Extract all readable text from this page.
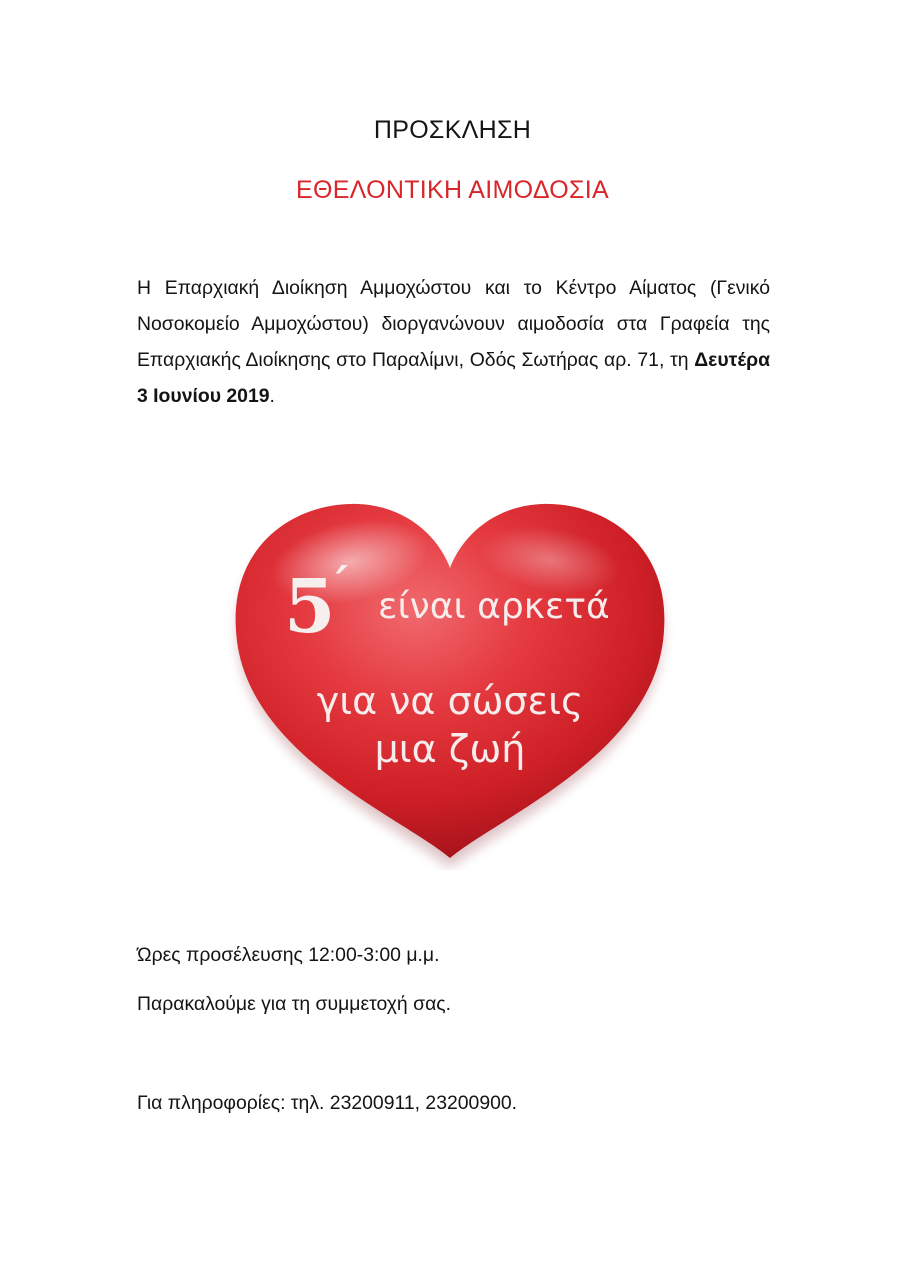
ΠΡΟΣΚΛΗΣΗ
ΕΘΕΛΟΝΤΙΚΗ ΑΙΜΟΔΟΣΙΑ
Η Επαρχιακή Διοίκηση Αμμοχώστου και το Κέντρο Αίματος (Γενικό Νοσοκομείο Αμμοχώστου) διοργανώνουν αιμοδοσία στα Γραφεία της Επαρχιακής Διοίκησης στο Παραλίμνι, Οδός Σωτήρας αρ. 71, τη Δευτέρα 3 Ιουνίου 2019.
5
΄ είναι αρκετά
για να σώσεις
μια ζωή
Ώρες προσέλευσης 12:00-3:00 μ.μ.
Παρακαλούμε για τη συμμετοχή σας.
Για πληροφορίες: τηλ. 23200911, 23200900.
